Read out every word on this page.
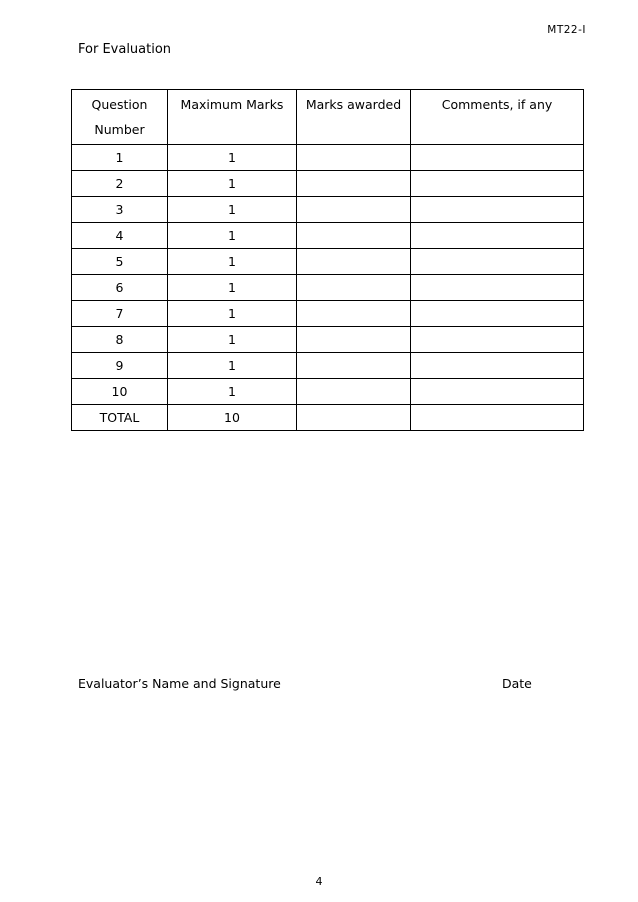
MT22-I
For Evaluation
Question Number	Maximum Marks	Marks awarded	Comments, if any
1	1		
2	1		
3	1		
4	1		
5	1		
6	1		
7	1		
8	1		
9	1		
10	1		
TOTAL	10		
Evaluator’s Name and Signature	Date
4
